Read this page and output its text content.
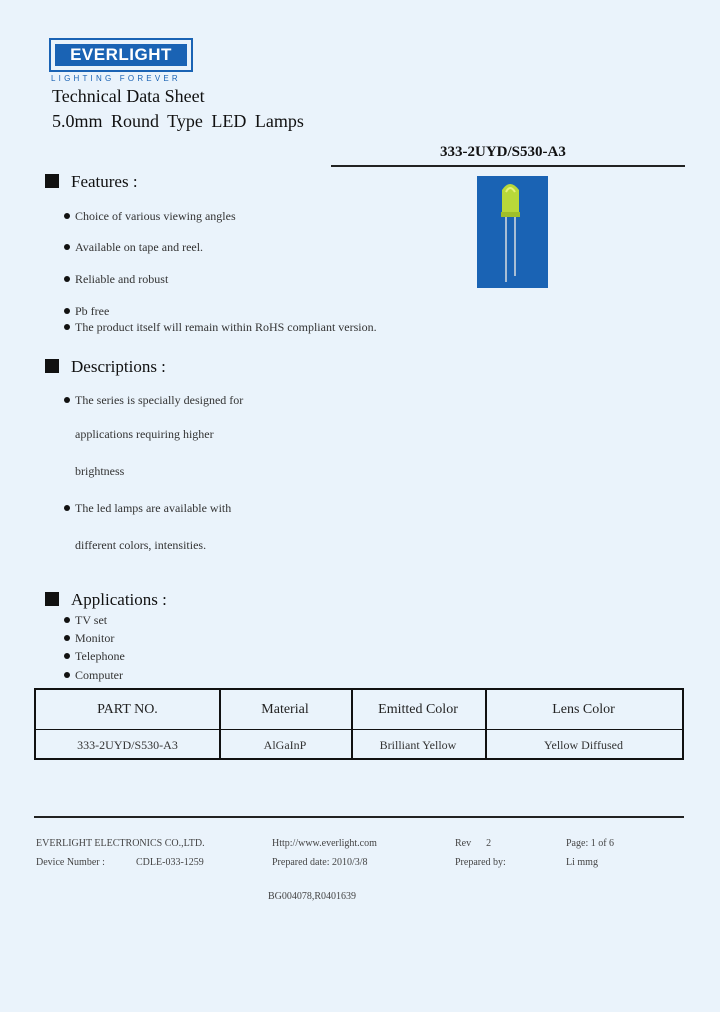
EVERLIGHT
LIGHTING FOREVER
Technical Data Sheet
5.0mm Round Type LED Lamps
333-2UYD/S530-A3
Features :
Choice of various viewing angles
Available on tape and reel.
Reliable and robust
Pb free
The product itself will remain within RoHS compliant version.
Descriptions :
The series is specially designed for
applications requiring higher
brightness
The led lamps are available with
different colors, intensities.
Applications :
TV set
Monitor
Telephone
Computer
PART NO.	Material	Emitted Color	Lens Color
333-2UYD/S530-A3	AlGaInP	Brilliant Yellow	Yellow Diffused
EVERLIGHT ELECTRONICS CO.,LTD.	Http://www.everlight.com	Rev      2	Page: 1 of 6
Device Number :	CDLE-033-1259	Prepared date: 2010/3/8	Prepared by:	Li mmg
BG004078,R0401639
